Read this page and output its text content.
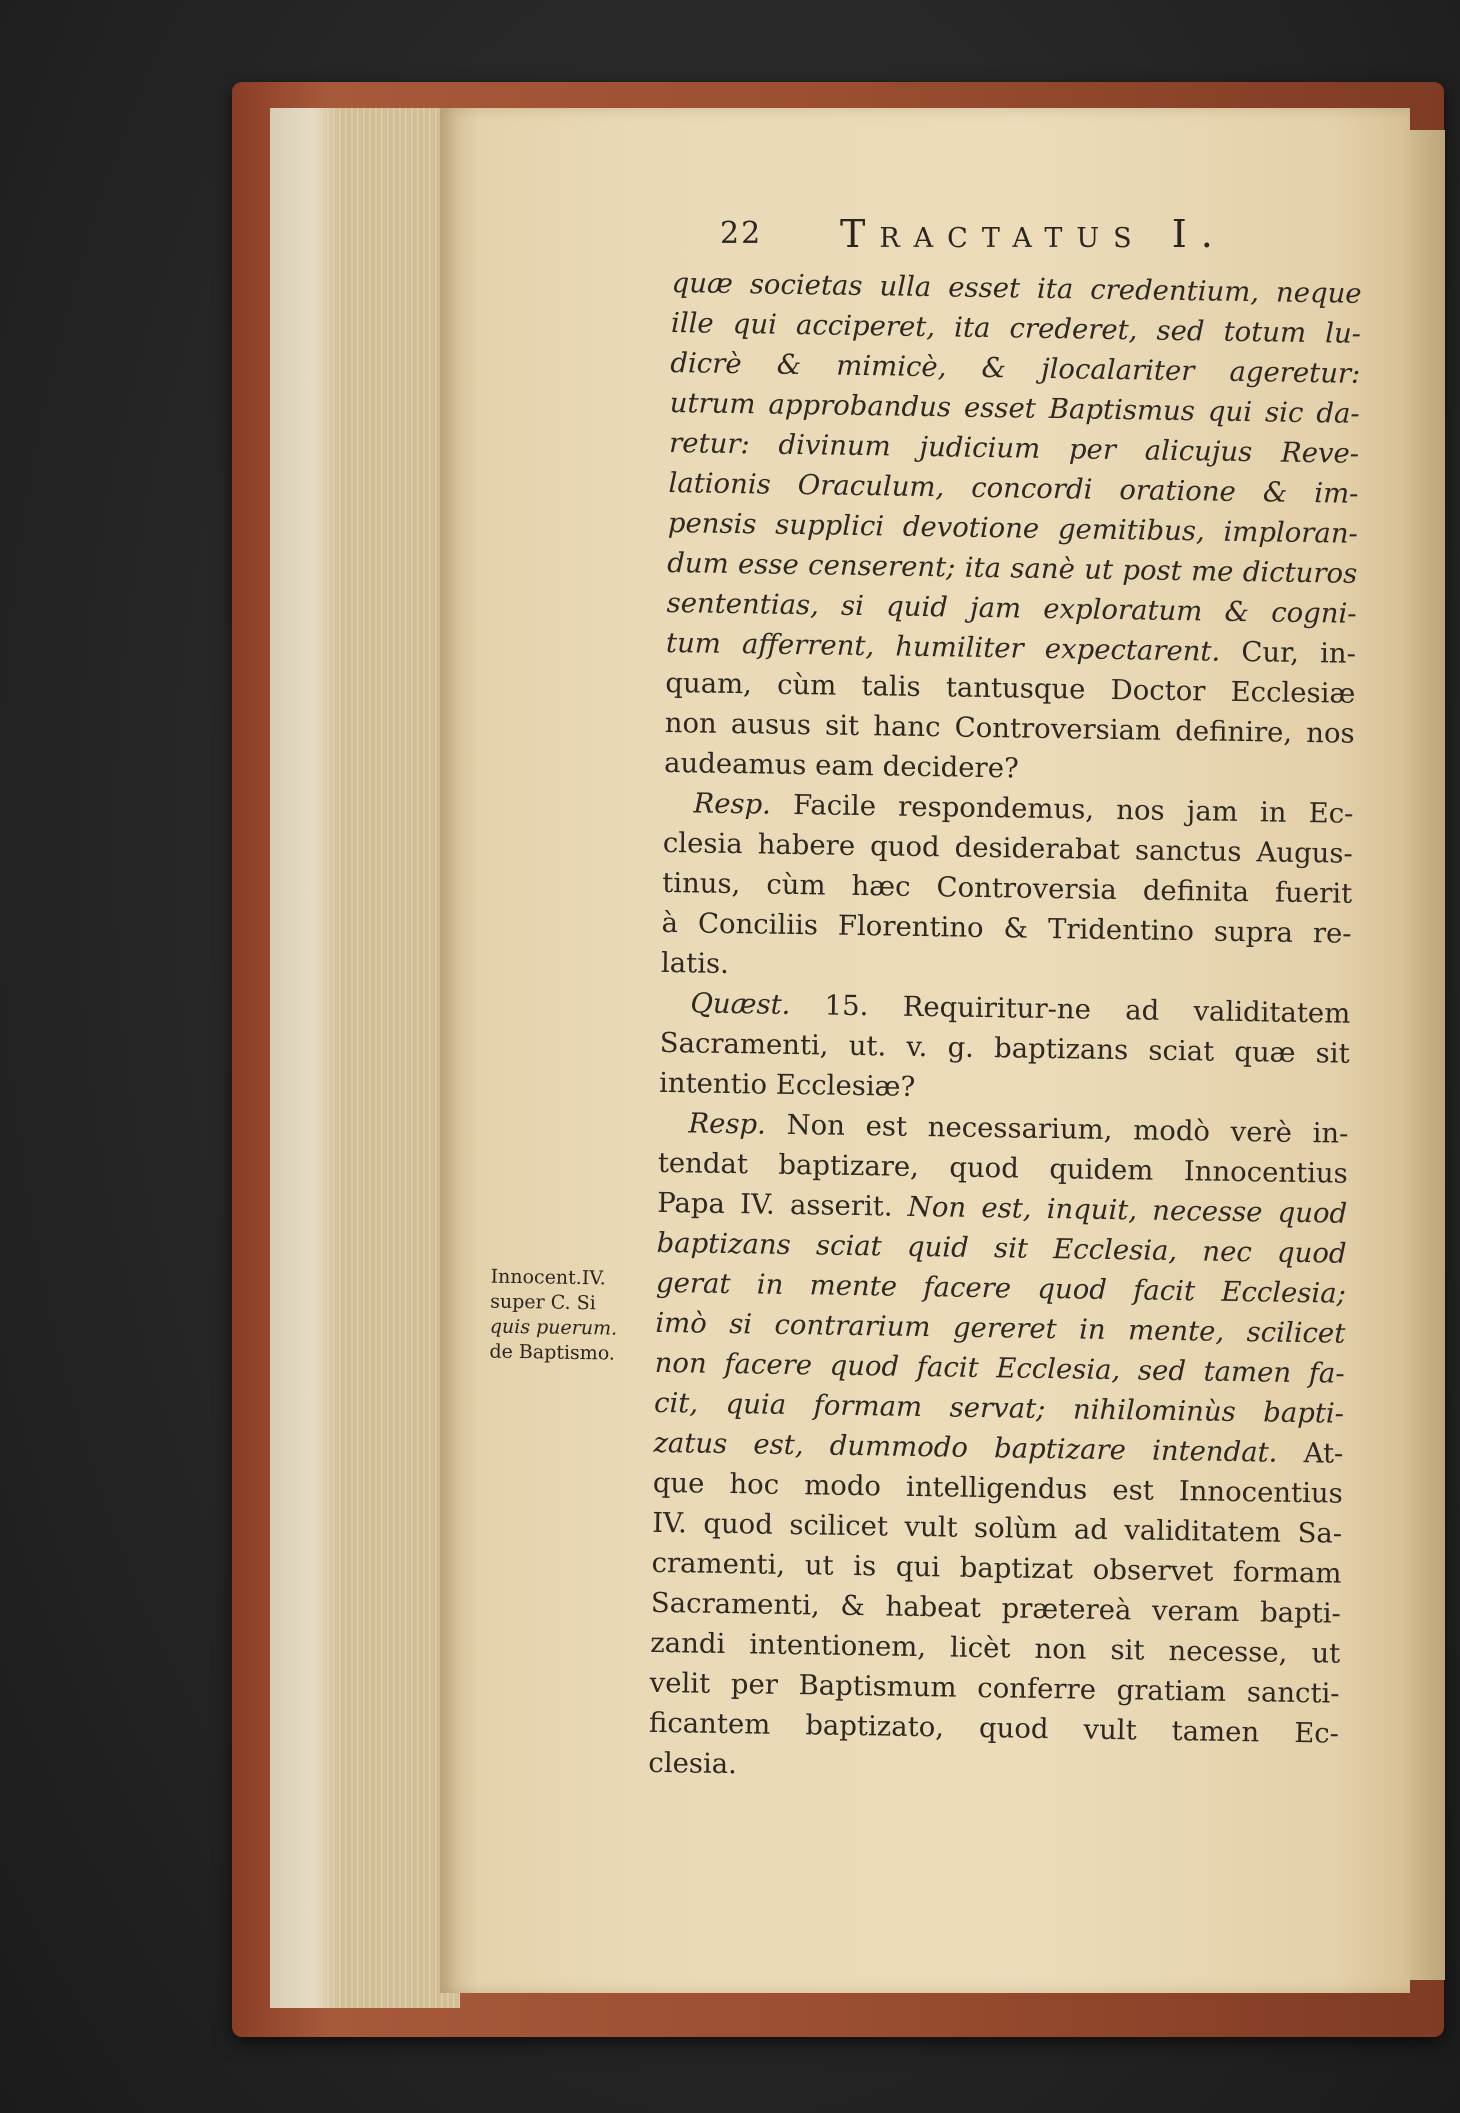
22 Tractatus I.
quæ societas ulla esset ita credentium, neque
ille qui acciperet, ita crederet, sed totum lu-
dicrè & mimicè, & jlocalariter ageretur:
utrum approbandus esset Baptismus qui sic da-
retur: divinum judicium per alicujus Reve-
lationis Oraculum, concordi oratione & im-
pensis supplici devotione gemitibus, imploran-
dum esse censerent; ita sanè ut post me dicturos
sententias, si quid jam exploratum & cogni-
tum afferrent, humiliter expectarent. Cur, in-
quam, cùm talis tantusque Doctor Ecclesiæ
non ausus sit hanc Controversiam definire, nos
audeamus eam decidere?
Resp. Facile respondemus, nos jam in Ec-
clesia habere quod desiderabat sanctus Augus-
tinus, cùm hæc Controversia definita fuerit
à Conciliis Florentino & Tridentino supra re-
latis.
Quæst. 15. Requiritur-ne ad validitatem
Sacramenti, ut. v. g. baptizans sciat quæ sit
intentio Ecclesiæ?
Resp. Non est necessarium, modò verè in-
tendat baptizare, quod quidem Innocentius
Papa IV. asserit. Non est, inquit, necesse quod
baptizans sciat quid sit Ecclesia, nec quod
gerat in mente facere quod facit Ecclesia;
imò si contrarium gereret in mente, scilicet
non facere quod facit Ecclesia, sed tamen fa-
cit, quia formam servat; nihilominùs bapti-
zatus est, dummodo baptizare intendat. At-
que hoc modo intelligendus est Innocentius
IV. quod scilicet vult solùm ad validitatem Sa-
cramenti, ut is qui baptizat observet formam
Sacramenti, & habeat prætereà veram bapti-
zandi intentionem, licèt non sit necesse, ut
velit per Baptismum conferre gratiam sancti-
ficantem baptizato, quod vult tamen Ec-
clesia.
Innocent.IV.
super C. Si
quis puerum.
de Baptismo.
